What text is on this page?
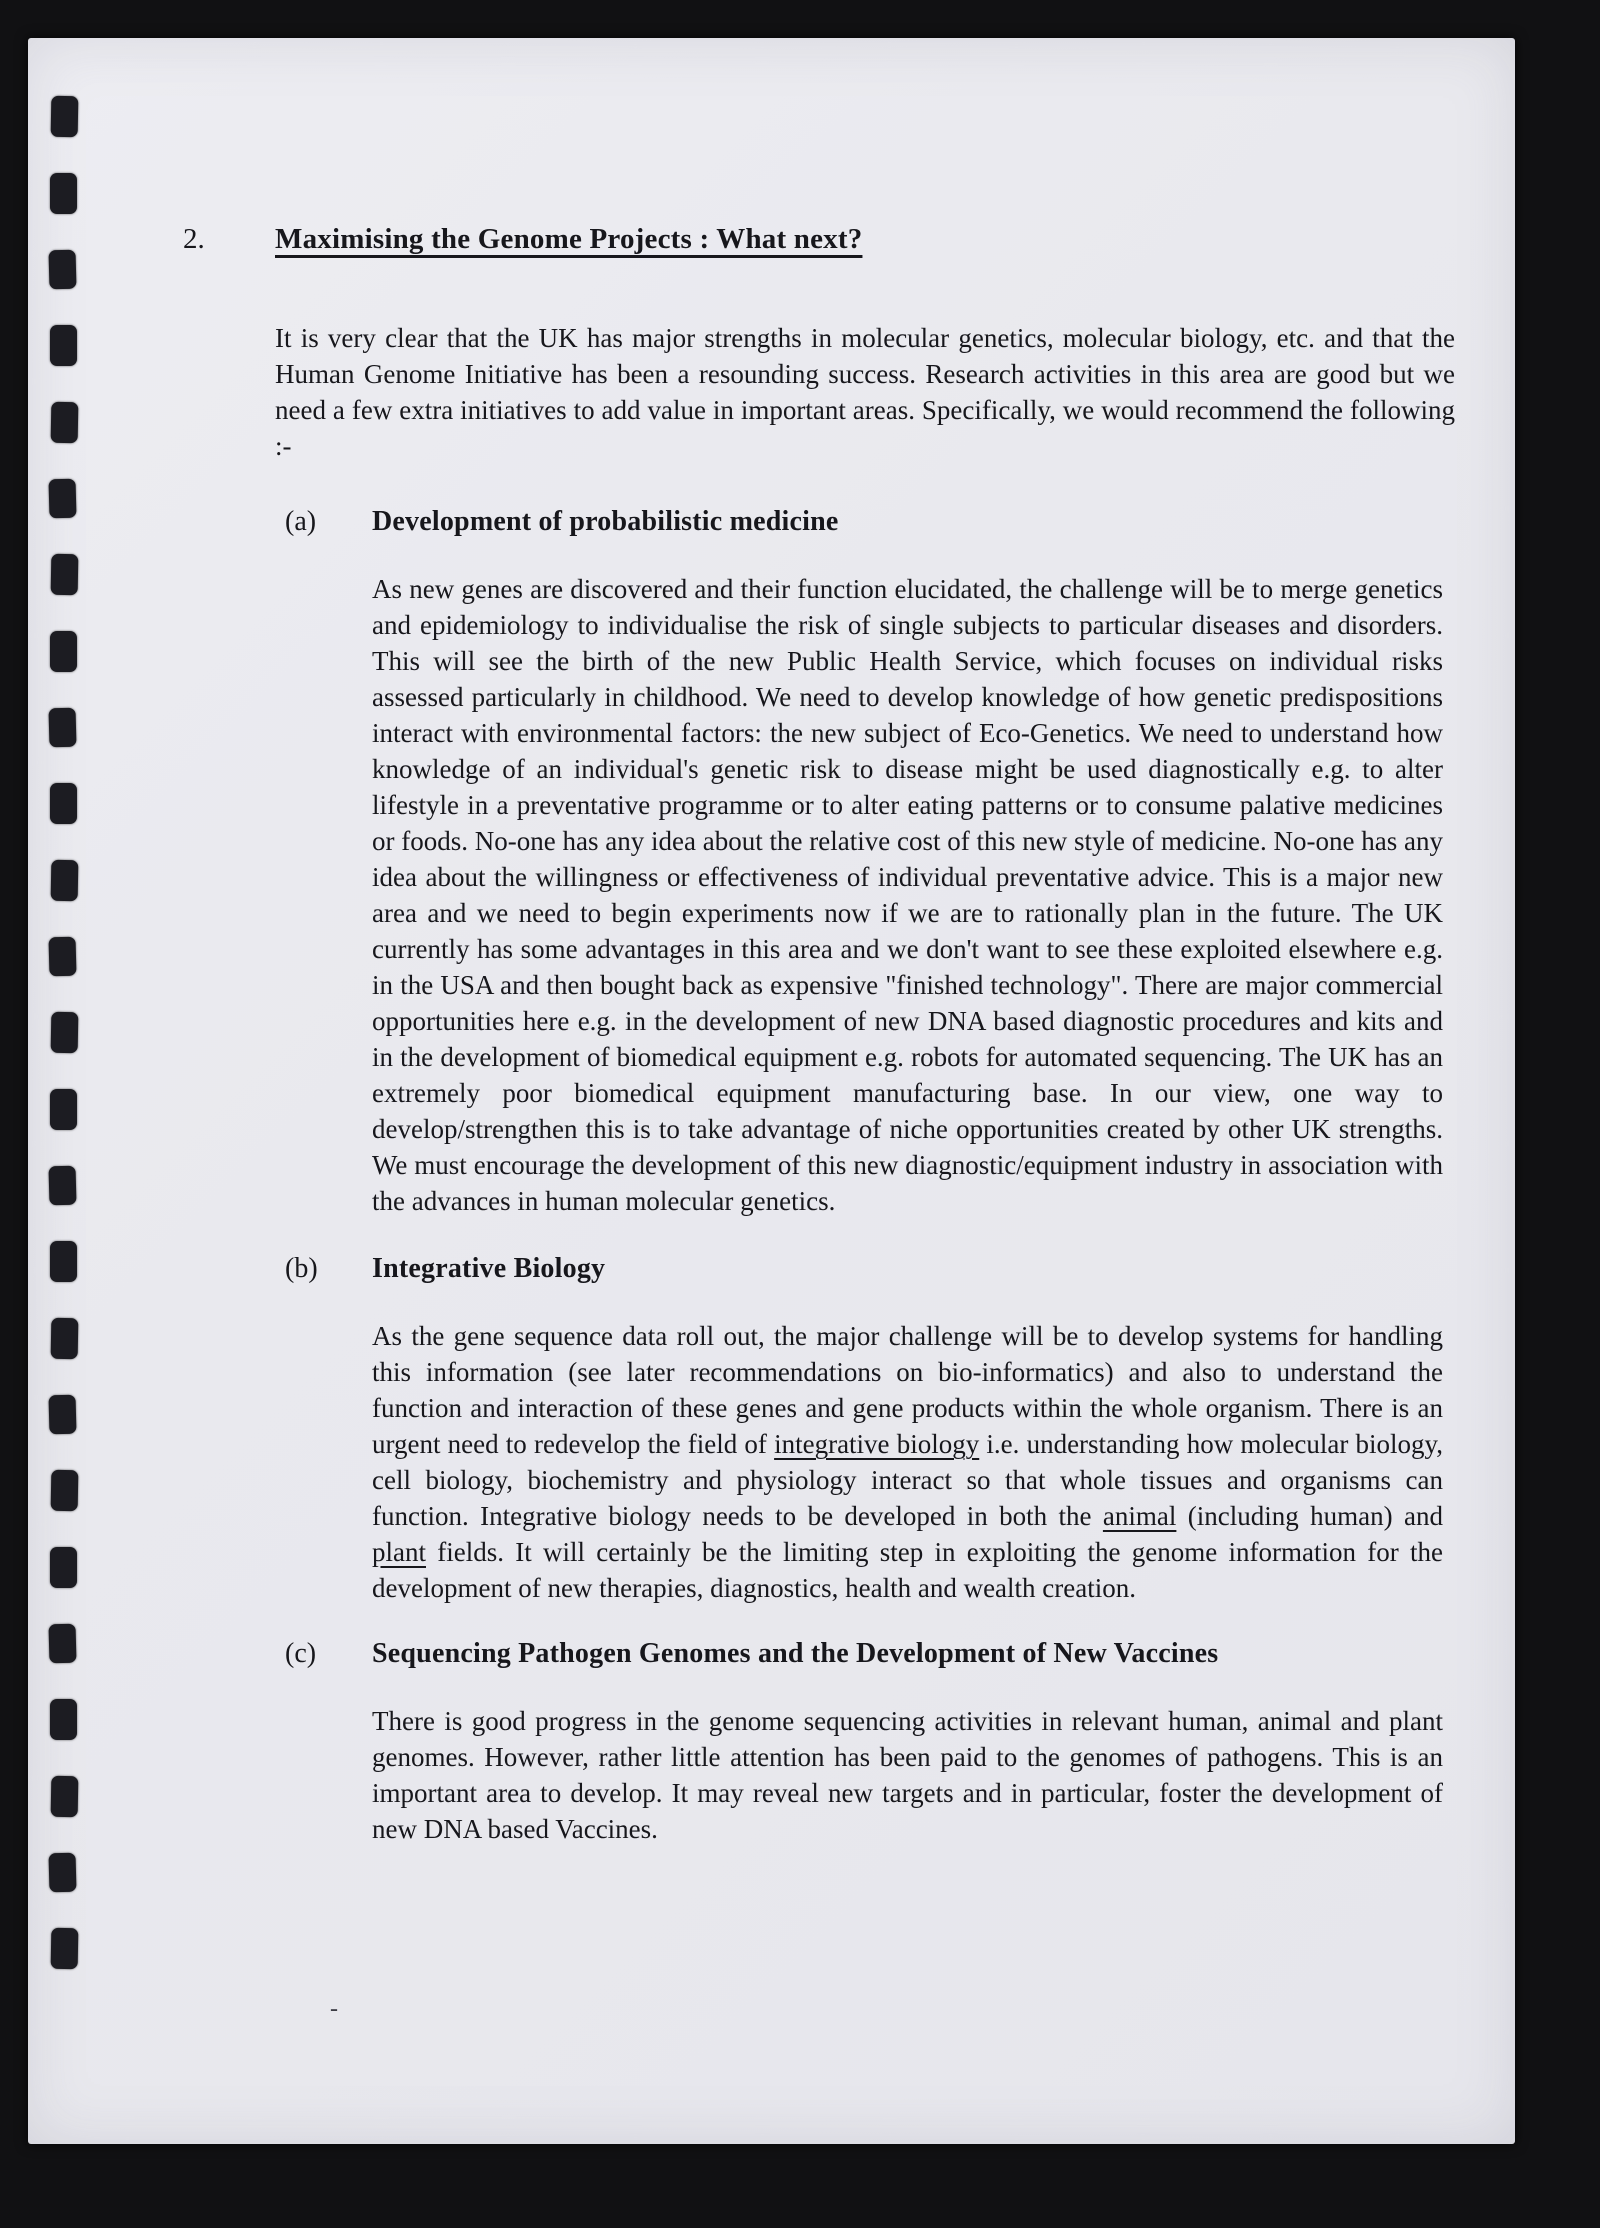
2.	Maximising the Genome Projects : What next?

It is very clear that the UK has major strengths in molecular genetics, molecular biology, etc. and that the Human Genome Initiative has been a resounding success. Research activities in this area are good but we need a few extra initiatives to add value in important areas. Specifically, we would recommend the following :-

(a)	Development of probabilistic medicine

As new genes are discovered and their function elucidated, the challenge will be to merge genetics and epidemiology to individualise the risk of single subjects to particular diseases and disorders. This will see the birth of the new Public Health Service, which focuses on individual risks assessed particularly in childhood. We need to develop knowledge of how genetic predispositions interact with environmental factors: the new subject of Eco-Genetics. We need to understand how knowledge of an individual's genetic risk to disease might be used diagnostically e.g. to alter lifestyle in a preventative programme or to alter eating patterns or to consume palative medicines or foods. No-one has any idea about the relative cost of this new style of medicine. No-one has any idea about the willingness or effectiveness of individual preventative advice. This is a major new area and we need to begin experiments now if we are to rationally plan in the future. The UK currently has some advantages in this area and we don't want to see these exploited elsewhere e.g. in the USA and then bought back as expensive "finished technology". There are major commercial opportunities here e.g. in the development of new DNA based diagnostic procedures and kits and in the development of biomedical equipment e.g. robots for automated sequencing. The UK has an extremely poor biomedical equipment manufacturing base. In our view, one way to develop/strengthen this is to take advantage of niche opportunities created by other UK strengths. We must encourage the development of this new diagnostic/equipment industry in association with the advances in human molecular genetics.

(b)	Integrative Biology

As the gene sequence data roll out, the major challenge will be to develop systems for handling this information (see later recommendations on bio-informatics) and also to understand the function and interaction of these genes and gene products within the whole organism. There is an urgent need to redevelop the field of integrative biology i.e. understanding how molecular biology, cell biology, biochemistry and physiology interact so that whole tissues and organisms can function. Integrative biology needs to be developed in both the animal (including human) and plant fields. It will certainly be the limiting step in exploiting the genome information for the development of new therapies, diagnostics, health and wealth creation.

(c)	Sequencing Pathogen Genomes and the Development of New Vaccines

There is good progress in the genome sequencing activities in relevant human, animal and plant genomes. However, rather little attention has been paid to the genomes of pathogens. This is an important area to develop. It may reveal new targets and in particular, foster the development of new DNA based Vaccines.

-
